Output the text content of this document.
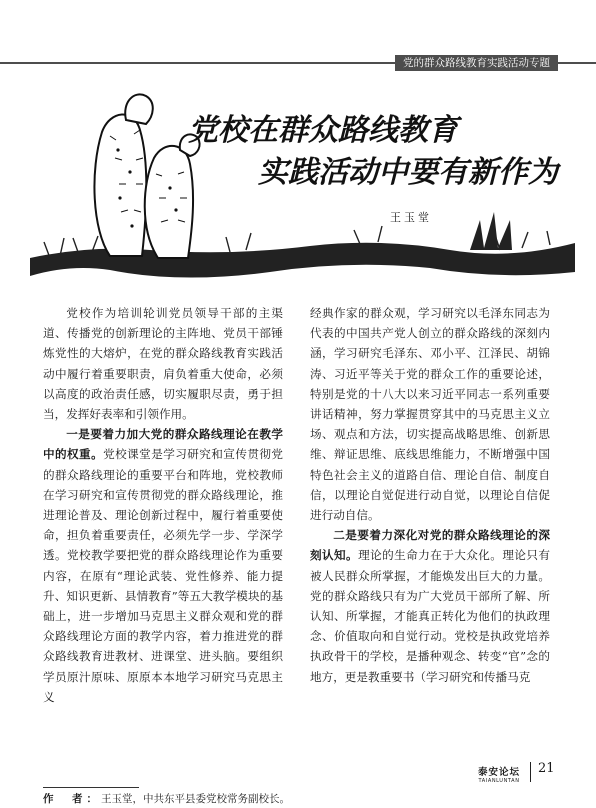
党的群众路线教育实践活动专题
党校在群众路线教育
实践活动中要有新作为
王玉堂

党校作为培训轮训党员领导干部的主渠道、传播党的创新理论的主阵地、党员干部锤炼党性的大熔炉，在党的群众路线教育实践活动中履行着重要职责，肩负着重大使命，必须以高度的政治责任感，切实履职尽责，勇于担当，发挥好表率和引领作用。

一是要着力加大党的群众路线理论在教学中的权重。党校课堂是学习研究和宣传贯彻党的群众路线理论的重要平台和阵地，党校教师在学习研究和宣传贯彻党的群众路线理论，推进理论普及、理论创新过程中，履行着重要使命，担负着重要责任，必须先学一步、学深学透。党校教学要把党的群众路线理论作为重要内容，在原有“理论武装、党性修养、能力提升、知识更新、县情教育”等五大教学模块的基础上，进一步增加马克思主义群众观和党的群众路线理论方面的教学内容，着力推进党的群众路线教育进教材、进课堂、进头脑。要组织学员原汁原味、原原本本地学习研究马克思主义

经典作家的群众观，学习研究以毛泽东同志为代表的中国共产党人创立的群众路线的深刻内涵，学习研究毛泽东、邓小平、江泽民、胡锦涛、习近平等关于党的群众工作的重要论述，特别是党的十八大以来习近平同志一系列重要讲话精神，努力掌握贯穿其中的马克思主义立场、观点和方法，切实提高战略思维、创新思维、辩证思维、底线思维能力，不断增强中国特色社会主义的道路自信、理论自信、制度自信，以理论自觉促进行动自觉，以理论自信促进行动自信。

二是要着力深化对党的群众路线理论的深刻认知。理论的生命力在于大众化。理论只有被人民群众所掌握，才能焕发出巨大的力量。党的群众路线只有为广大党员干部所了解、所认知、所掌握，才能真正转化为他们的执政理念、价值取向和自觉行动。党校是执政党培养执政骨干的学校，是播种观念、转变“官”念的地方，更是教重要书（学习研究和传播马克

作　者：王玉堂，中共东平县委党校常务副校长。
泰安论坛
TAIANLUNTAN
21
